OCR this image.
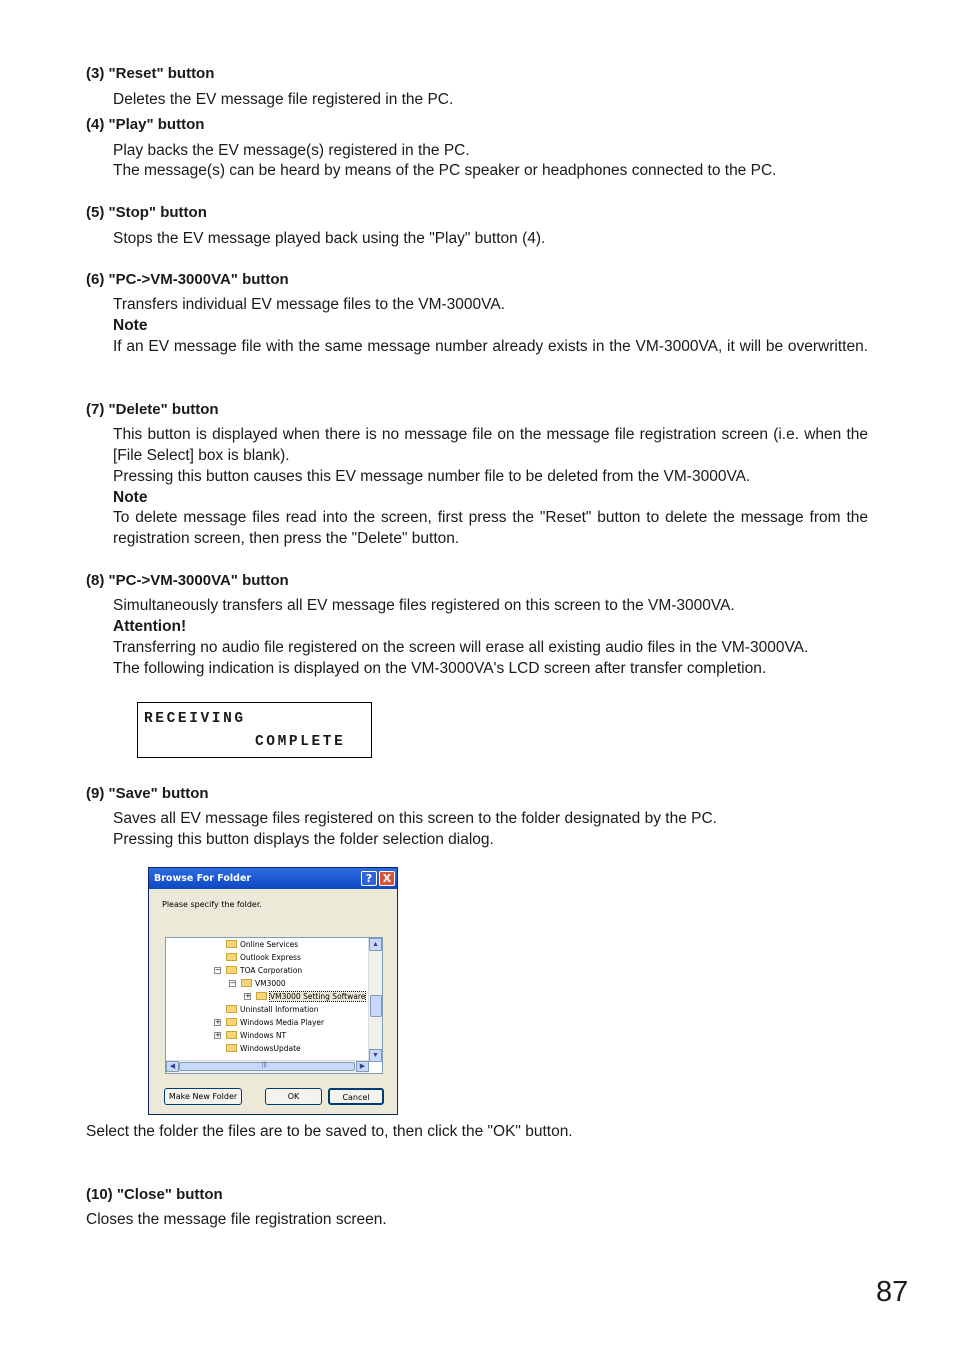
(3) "Reset" button
Deletes the EV message file registered in the PC.
(4) "Play" button
Play backs the EV message(s) registered in the PC.
The message(s) can be heard by means of the PC speaker or headphones connected to the PC.
(5) "Stop" button
Stops the EV message played back using the "Play" button (4).
(6) "PC->VM-3000VA" button
Transfers individual EV message files to the VM-3000VA.
Note
If an EV message file with the same message number already exists in the VM-3000VA, it will be overwritten.
(7) "Delete" button
This button is displayed when there is no message file on the message file registration screen (i.e. when the [File Select] box is blank).
Pressing this button causes this EV message number file to be deleted from the VM-3000VA.
Note
To delete message files read into the screen, first press the "Reset" button to delete the message from the registration screen, then press the "Delete" button.
(8) "PC->VM-3000VA" button
Simultaneously transfers all EV message files registered on this screen to the VM-3000VA.
Attention!
Transferring no audio file registered on the screen will erase all existing audio files in the VM-3000VA.
The following indication is displayed on the VM-3000VA's LCD screen after transfer completion.
RECEIVING
COMPLETE
(9) "Save" button
Saves all EV message files registered on this screen to the folder designated by the PC.
Pressing this button displays the folder selection dialog.
Browse For Folder	? X
Please specify the folder.
Online Services
Outlook Express
−	TOA Corporation
−	VM3000
+	VM3000 Setting Software
Uninstall Information
+	Windows Media Player
+	Windows NT
WindowsUpdate
▲
▼
◀	|||	▶
Make New Folder	OK	Cancel
Select the folder the files are to be saved to, then click the "OK" button.
(10) "Close" button
Closes the message file registration screen.
87
